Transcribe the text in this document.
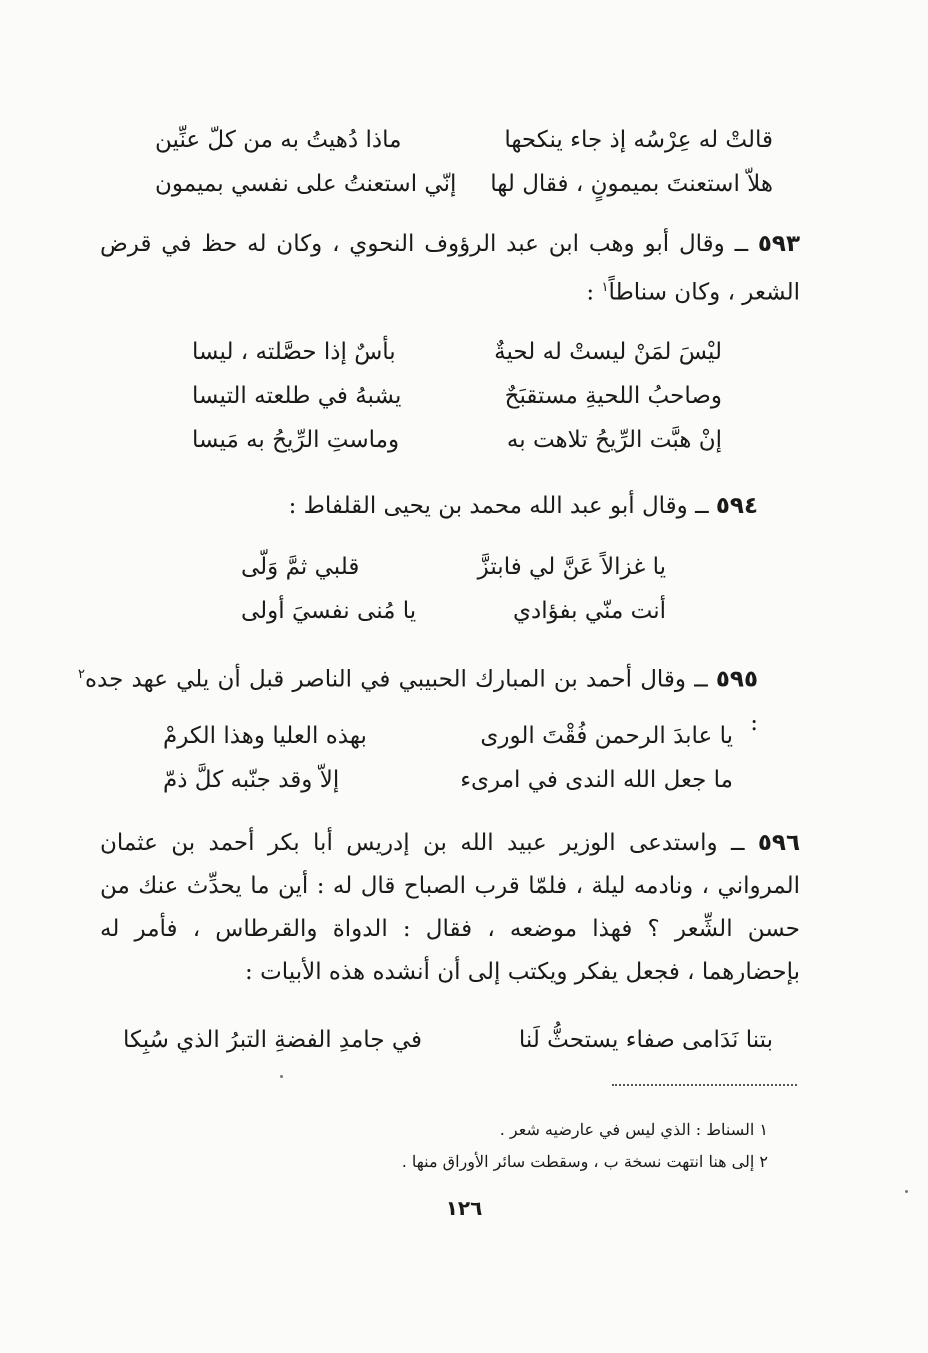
قالتْ له عِرْسُه إذ جاء ينكحها
ماذا دُهيتُ به من كلّ عنِّين
هلاّ استعنتَ بميمونٍ ، فقال لها
إنّي استعنتُ على نفسي بميمون
٥٩٣ ــ وقال أبو وهب ابن عبد الرؤوف النحوي ، وكان له حظ في قرض الشعر ، وكان سناطاً$^١$ :
ليْسَ لمَنْ ليستْ له لحيةٌ
بأسٌ إذا حصَّلته ، ليسا
وصاحبُ اللحيةِ مستقبَحٌ
يشبهُ في طلعته التيسا
إنْ هبَّت الرِّيحُ تلاهت به
وماستِ الرِّيحُ به مَيسا
٥٩٤ ــ وقال أبو عبد الله محمد بن يحيى القلفاط :
يا غزالاً عَنَّ لي فابتزَّ
قلبي ثمَّ وَلّى
أنت منّي بفؤادي
يا مُنى نفسيَ أولى
٥٩٥ ــ وقال أحمد بن المبارك الحبيبي في الناصر قبل أن يلي عهد جده$^٢$ :
يا عابدَ الرحمن فُقْتَ الورى
بهذه العليا وهذا الكرمْ
ما جعل الله الندى في امرىء
إلاّ وقد جنّبه كلَّ ذمّ
٥٩٦ ــ واستدعى الوزير عبيد الله بن إدريس أبا بكر أحمد بن عثمان المرواني ، ونادمه ليلة ، فلمّا قرب الصباح قال له : أين ما يحدِّث عنك من حسن الشِّعر ؟ فهذا موضعه ، فقال : الدواة والقرطاس ، فأمر له بإحضارهما ، فجعل يفكر ويكتب إلى أن أنشده هذه الأبيات :
بتنا نَدَامى صفاء يستحثُّ لَنا
في جامدِ الفضةِ التبرُ الذي سُبِكا
١ السناط : الذي ليس في عارضيه شعر .
٢ إلى هنا انتهت نسخة ب ، وسقطت سائر الأوراق منها .
١٢٦
